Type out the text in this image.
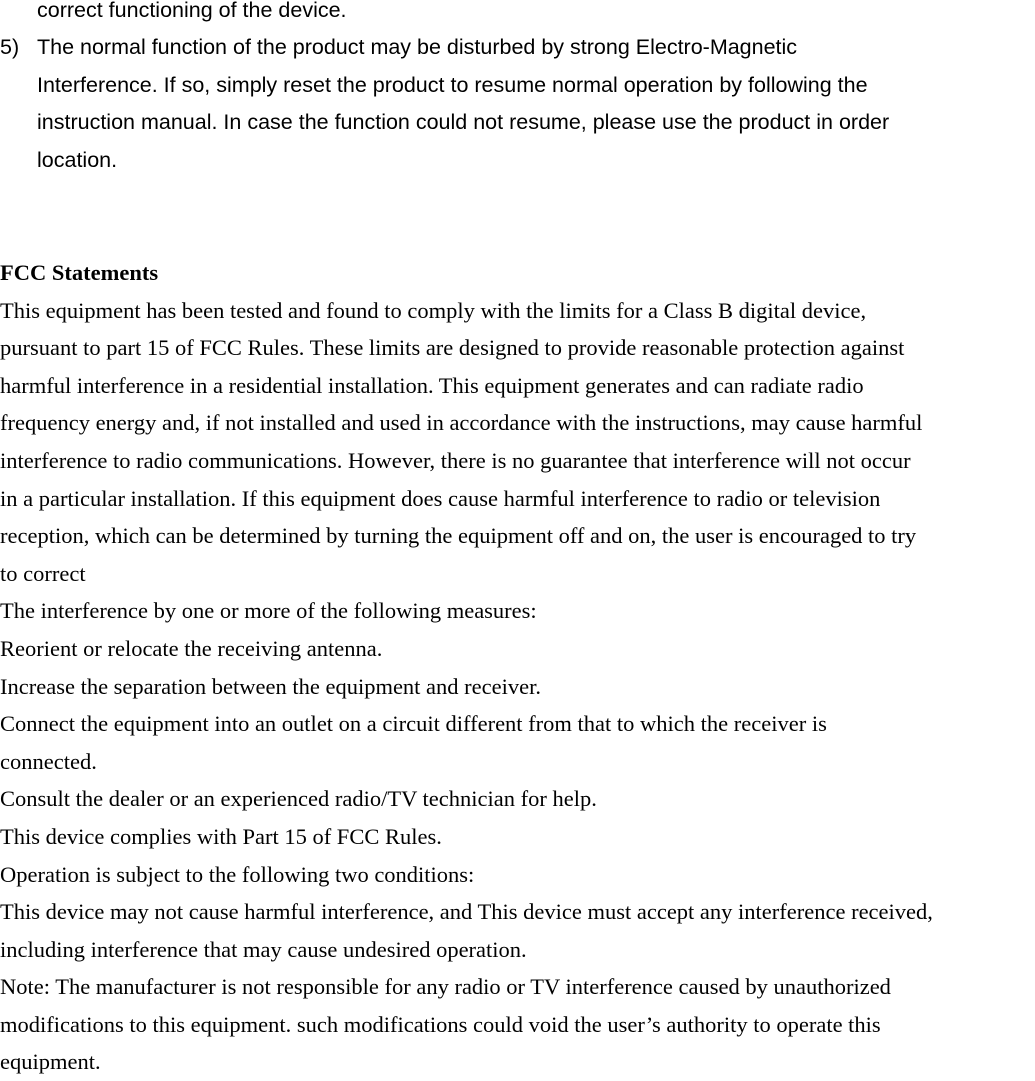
correct functioning of the device.
5) The normal function of the product may be disturbed by strong Electro-Magnetic
Interference. If so, simply reset the product to resume normal operation by following the
instruction manual. In case the function could not resume, please use the product in order
location.
FCC Statements
This equipment has been tested and found to comply with the limits for a Class B digital device,
pursuant to part 15 of FCC Rules. These limits are designed to provide reasonable protection against
harmful interference in a residential installation. This equipment generates and can radiate radio
frequency energy and, if not installed and used in accordance with the instructions, may cause harmful
interference to radio communications. However, there is no guarantee that interference will not occur
in a particular installation. If this equipment does cause harmful interference to radio or television
reception, which can be determined by turning the equipment off and on, the user is encouraged to try
to correct
The interference by one or more of the following measures:
Reorient or relocate the receiving antenna.
Increase the separation between the equipment and receiver.
Connect the equipment into an outlet on a circuit different from that to which the receiver is
connected.
Consult the dealer or an experienced radio/TV technician for help.
This device complies with Part 15 of FCC Rules.
Operation is subject to the following two conditions:
This device may not cause harmful interference, and This device must accept any interference received,
including interference that may cause undesired operation.
Note: The manufacturer is not responsible for any radio or TV interference caused by unauthorized
modifications to this equipment. such modifications could void the user’s authority to operate this
equipment.
